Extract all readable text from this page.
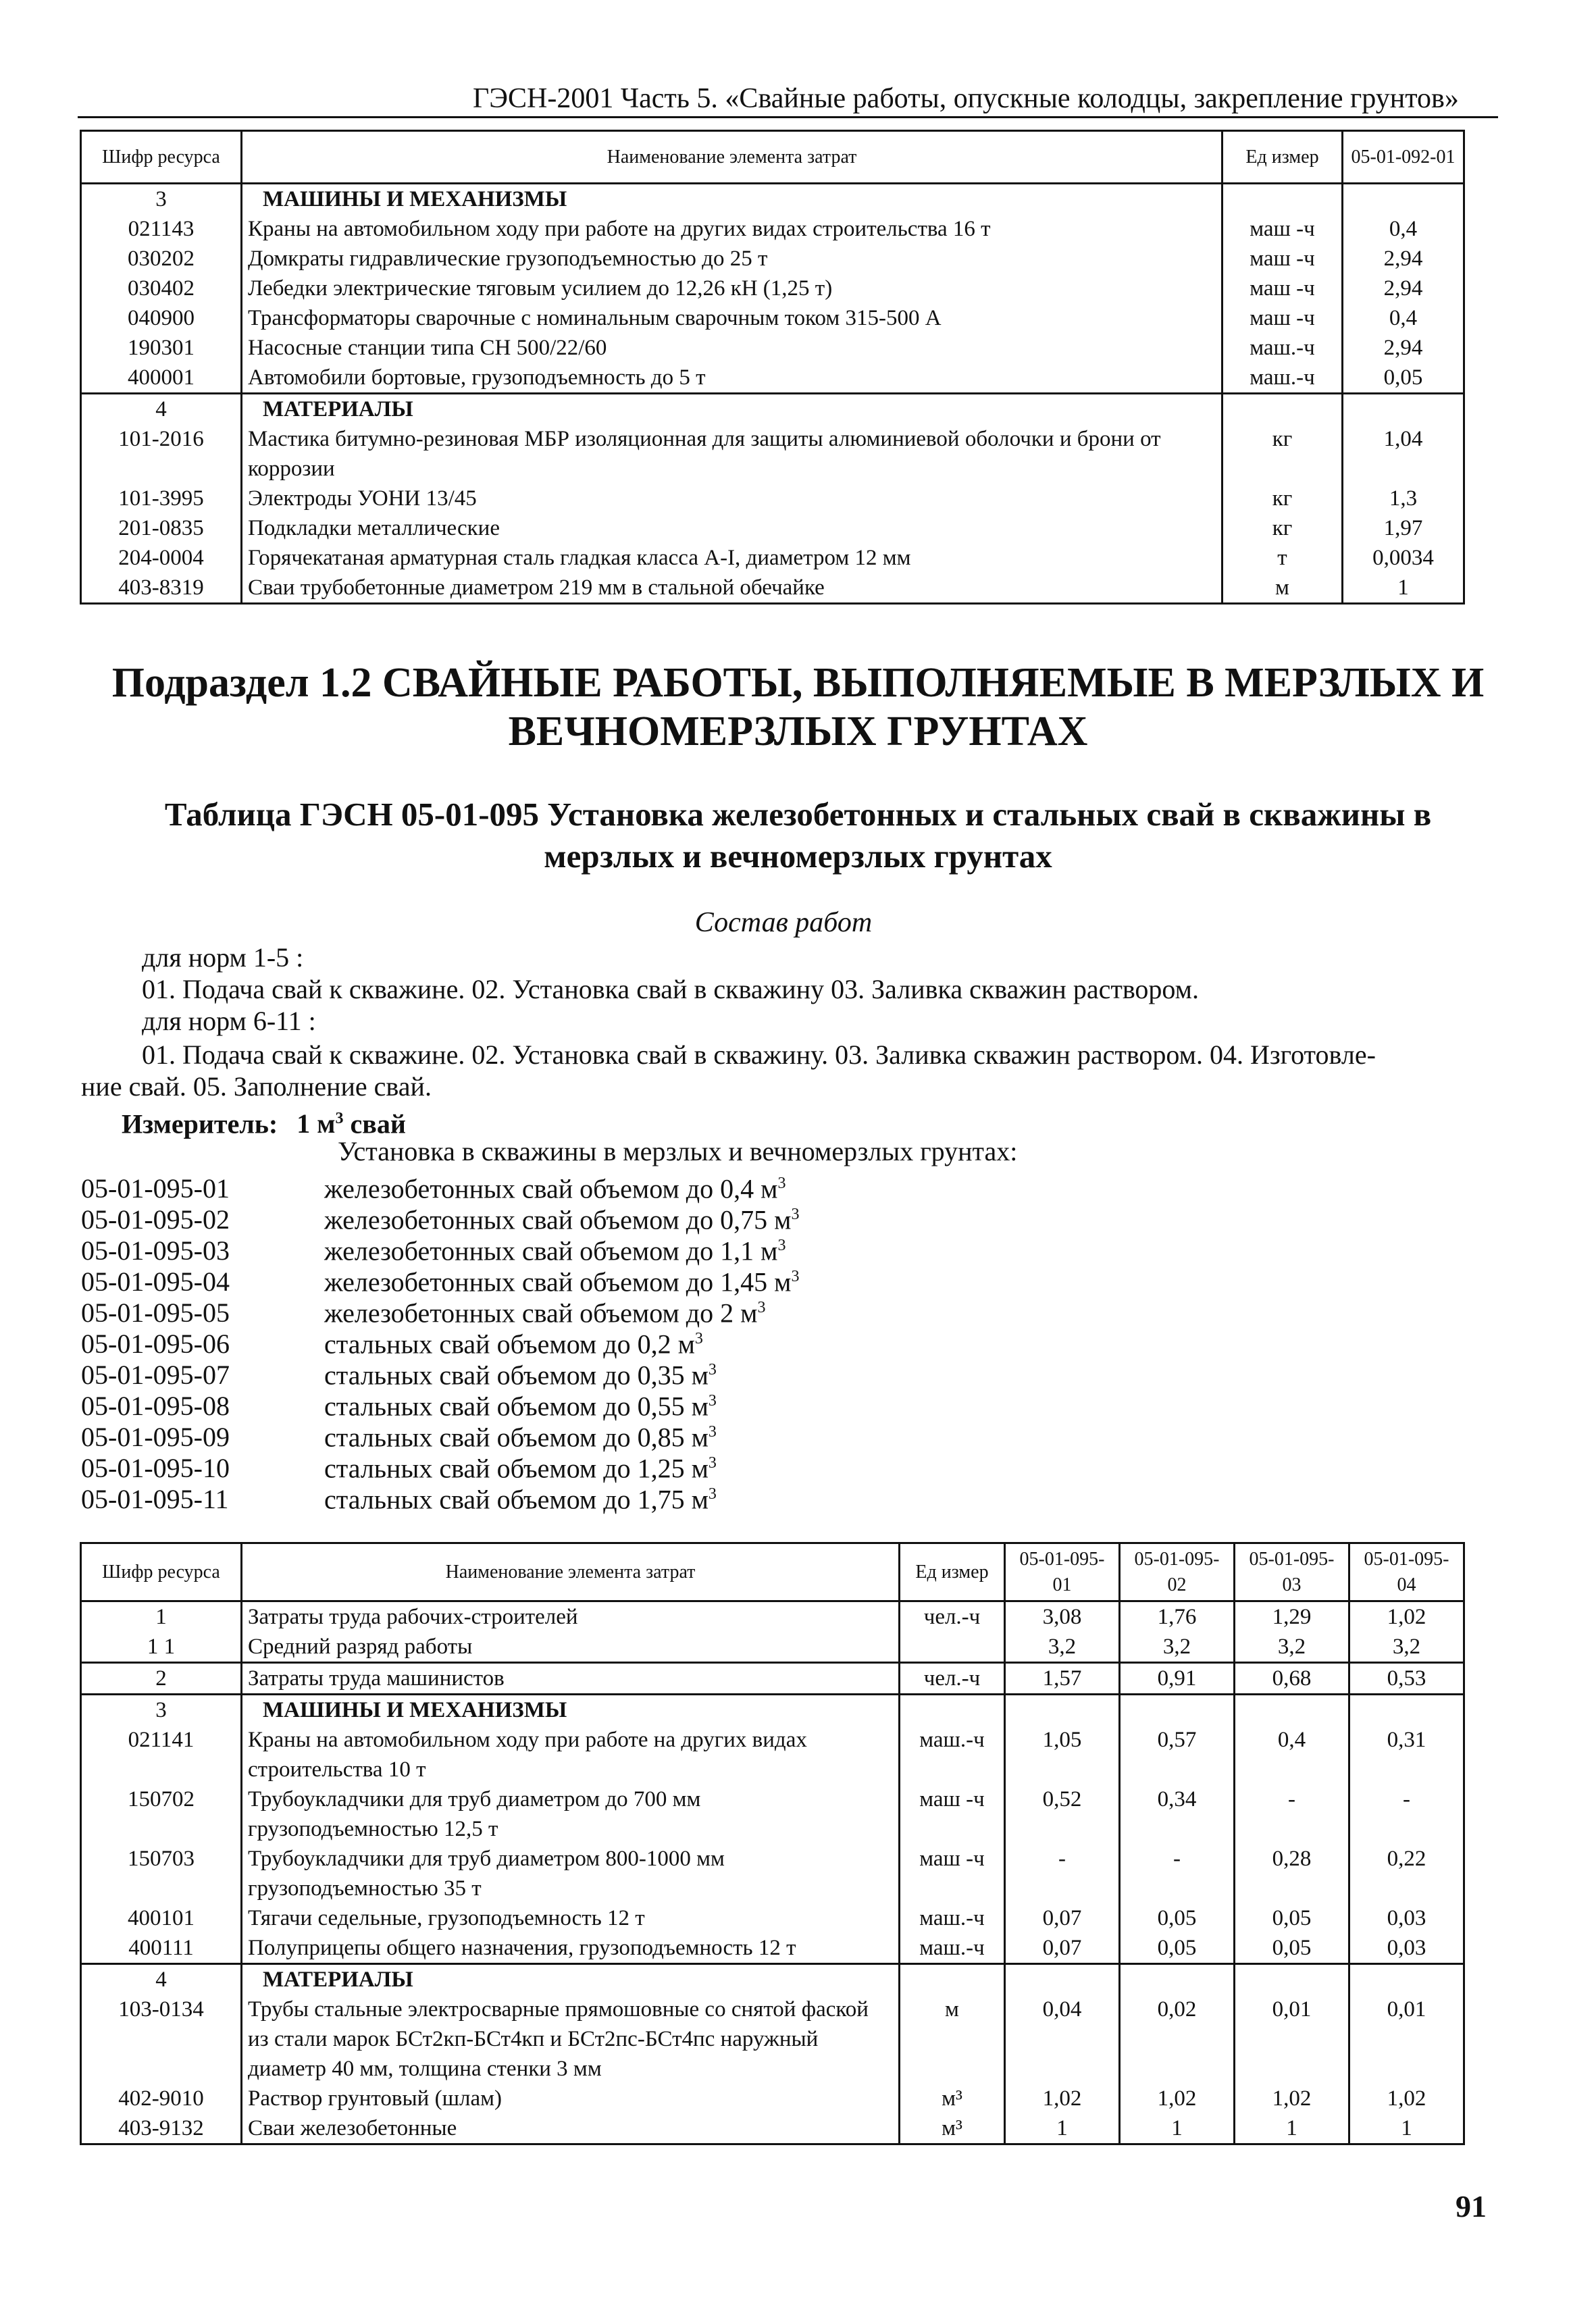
ГЭСН-2001 Часть 5. «Свайные работы, опускные колодцы, закрепление грунтов»
Шифр ресурса	Наименование элемента затрат	Ед измер	05-01-092-01
3	МАШИНЫ И МЕХАНИЗМЫ		
021143	Краны на автомобильном ходу при работе на других видах строительства 16 т	маш -ч	0,4
030202	Домкраты гидравлические грузоподъемностью до 25 т	маш -ч	2,94
030402	Лебедки электрические тяговым усилием до 12,26 кН (1,25 т)	маш -ч	2,94
040900	Трансформаторы сварочные с номинальным сварочным током 315-500 А	маш -ч	0,4
190301	Насосные станции типа СН 500/22/60	маш.-ч	2,94
400001	Автомобили бортовые, грузоподъемность до 5 т	маш.-ч	0,05
4	МАТЕРИАЛЫ		
101-2016	Мастика битумно-резиновая МБР изоляционная для защиты алюминиевой оболочки и брони от коррозии	кг	1,04
101-3995	Электроды УОНИ 13/45	кг	1,3
201-0835	Подкладки металлические	кг	1,97
204-0004	Горячекатаная арматурная сталь гладкая класса А-I, диаметром 12 мм	т	0,0034
403-8319	Сваи трубобетонные диаметром 219 мм в стальной обечайке	м	1
Подраздел 1.2 СВАЙНЫЕ РАБОТЫ, ВЫПОЛНЯЕМЫЕ В МЕРЗЛЫХ И
ВЕЧНОМЕРЗЛЫХ ГРУНТАХ
Таблица ГЭСН 05-01-095 Установка железобетонных и стальных свай в скважины в
мерзлых и вечномерзлых грунтах
Состав работ
для норм 1-5 :
01. Подача свай к скважине. 02. Установка свай в скважину 03. Заливка скважин раствором.
для норм 6-11 :
01. Подача свай к скважине. 02. Установка свай в скважину. 03. Заливка скважин раствором. 04. Изготовле-
ние свай. 05. Заполнение свай.
Измеритель: 1 $м^3$ свай
Установка в скважины в мерзлых и вечномерзлых грунтах:
05-01-095-01	железобетонных свай объемом до 0,4 $м^3$
05-01-095-02	железобетонных свай объемом до 0,75 $м^3$
05-01-095-03	железобетонных свай объемом до 1,1 $м^3$
05-01-095-04	железобетонных свай объемом до 1,45 $м^3$
05-01-095-05	железобетонных свай объемом до 2 $м^3$
05-01-095-06	стальных свай объемом до 0,2 $м^3$
05-01-095-07	стальных свай объемом до 0,35 $м^3$
05-01-095-08	стальных свай объемом до 0,55 $м^3$
05-01-095-09	стальных свай объемом до 0,85 $м^3$
05-01-095-10	стальных свай объемом до 1,25 $м^3$
05-01-095-11	стальных свай объемом до 1,75 $м^3$
Шифр ресурса	Наименование элемента затрат	Ед измер	05-01-095-01	05-01-095-02	05-01-095-03	05-01-095-04
1	Затраты труда рабочих-строителей	чел.-ч	3,08	1,76	1,29	1,02
1 1	Средний разряд работы		3,2	3,2	3,2	3,2
2	Затраты труда машинистов	чел.-ч	1,57	0,91	0,68	0,53
3	МАШИНЫ И МЕХАНИЗМЫ					
021141	Краны на автомобильном ходу при работе на других видах строительства 10 т	маш.-ч	1,05	0,57	0,4	0,31
150702	Трубоукладчики для труб диаметром до 700 мм грузоподъемностью 12,5 т	маш -ч	0,52	0,34	-	-
150703	Трубоукладчики для труб диаметром 800-1000 мм грузоподъемностью 35 т	маш -ч	-	-	0,28	0,22
400101	Тягачи седельные, грузоподъемность 12 т	маш.-ч	0,07	0,05	0,05	0,03
400111	Полуприцепы общего назначения, грузоподъемность 12 т	маш.-ч	0,07	0,05	0,05	0,03
4	МАТЕРИАЛЫ					
103-0134	Трубы стальные электросварные прямошовные со снятой фаской из стали марок БСт2кп-БСт4кп и БСт2пс-БСт4пс наружный диаметр 40 мм, толщина стенки 3 мм	м	0,04	0,02	0,01	0,01
402-9010	Раствор грунтовый (шлам)	м³	1,02	1,02	1,02	1,02
403-9132	Сваи железобетонные	м³	1	1	1	1
91
